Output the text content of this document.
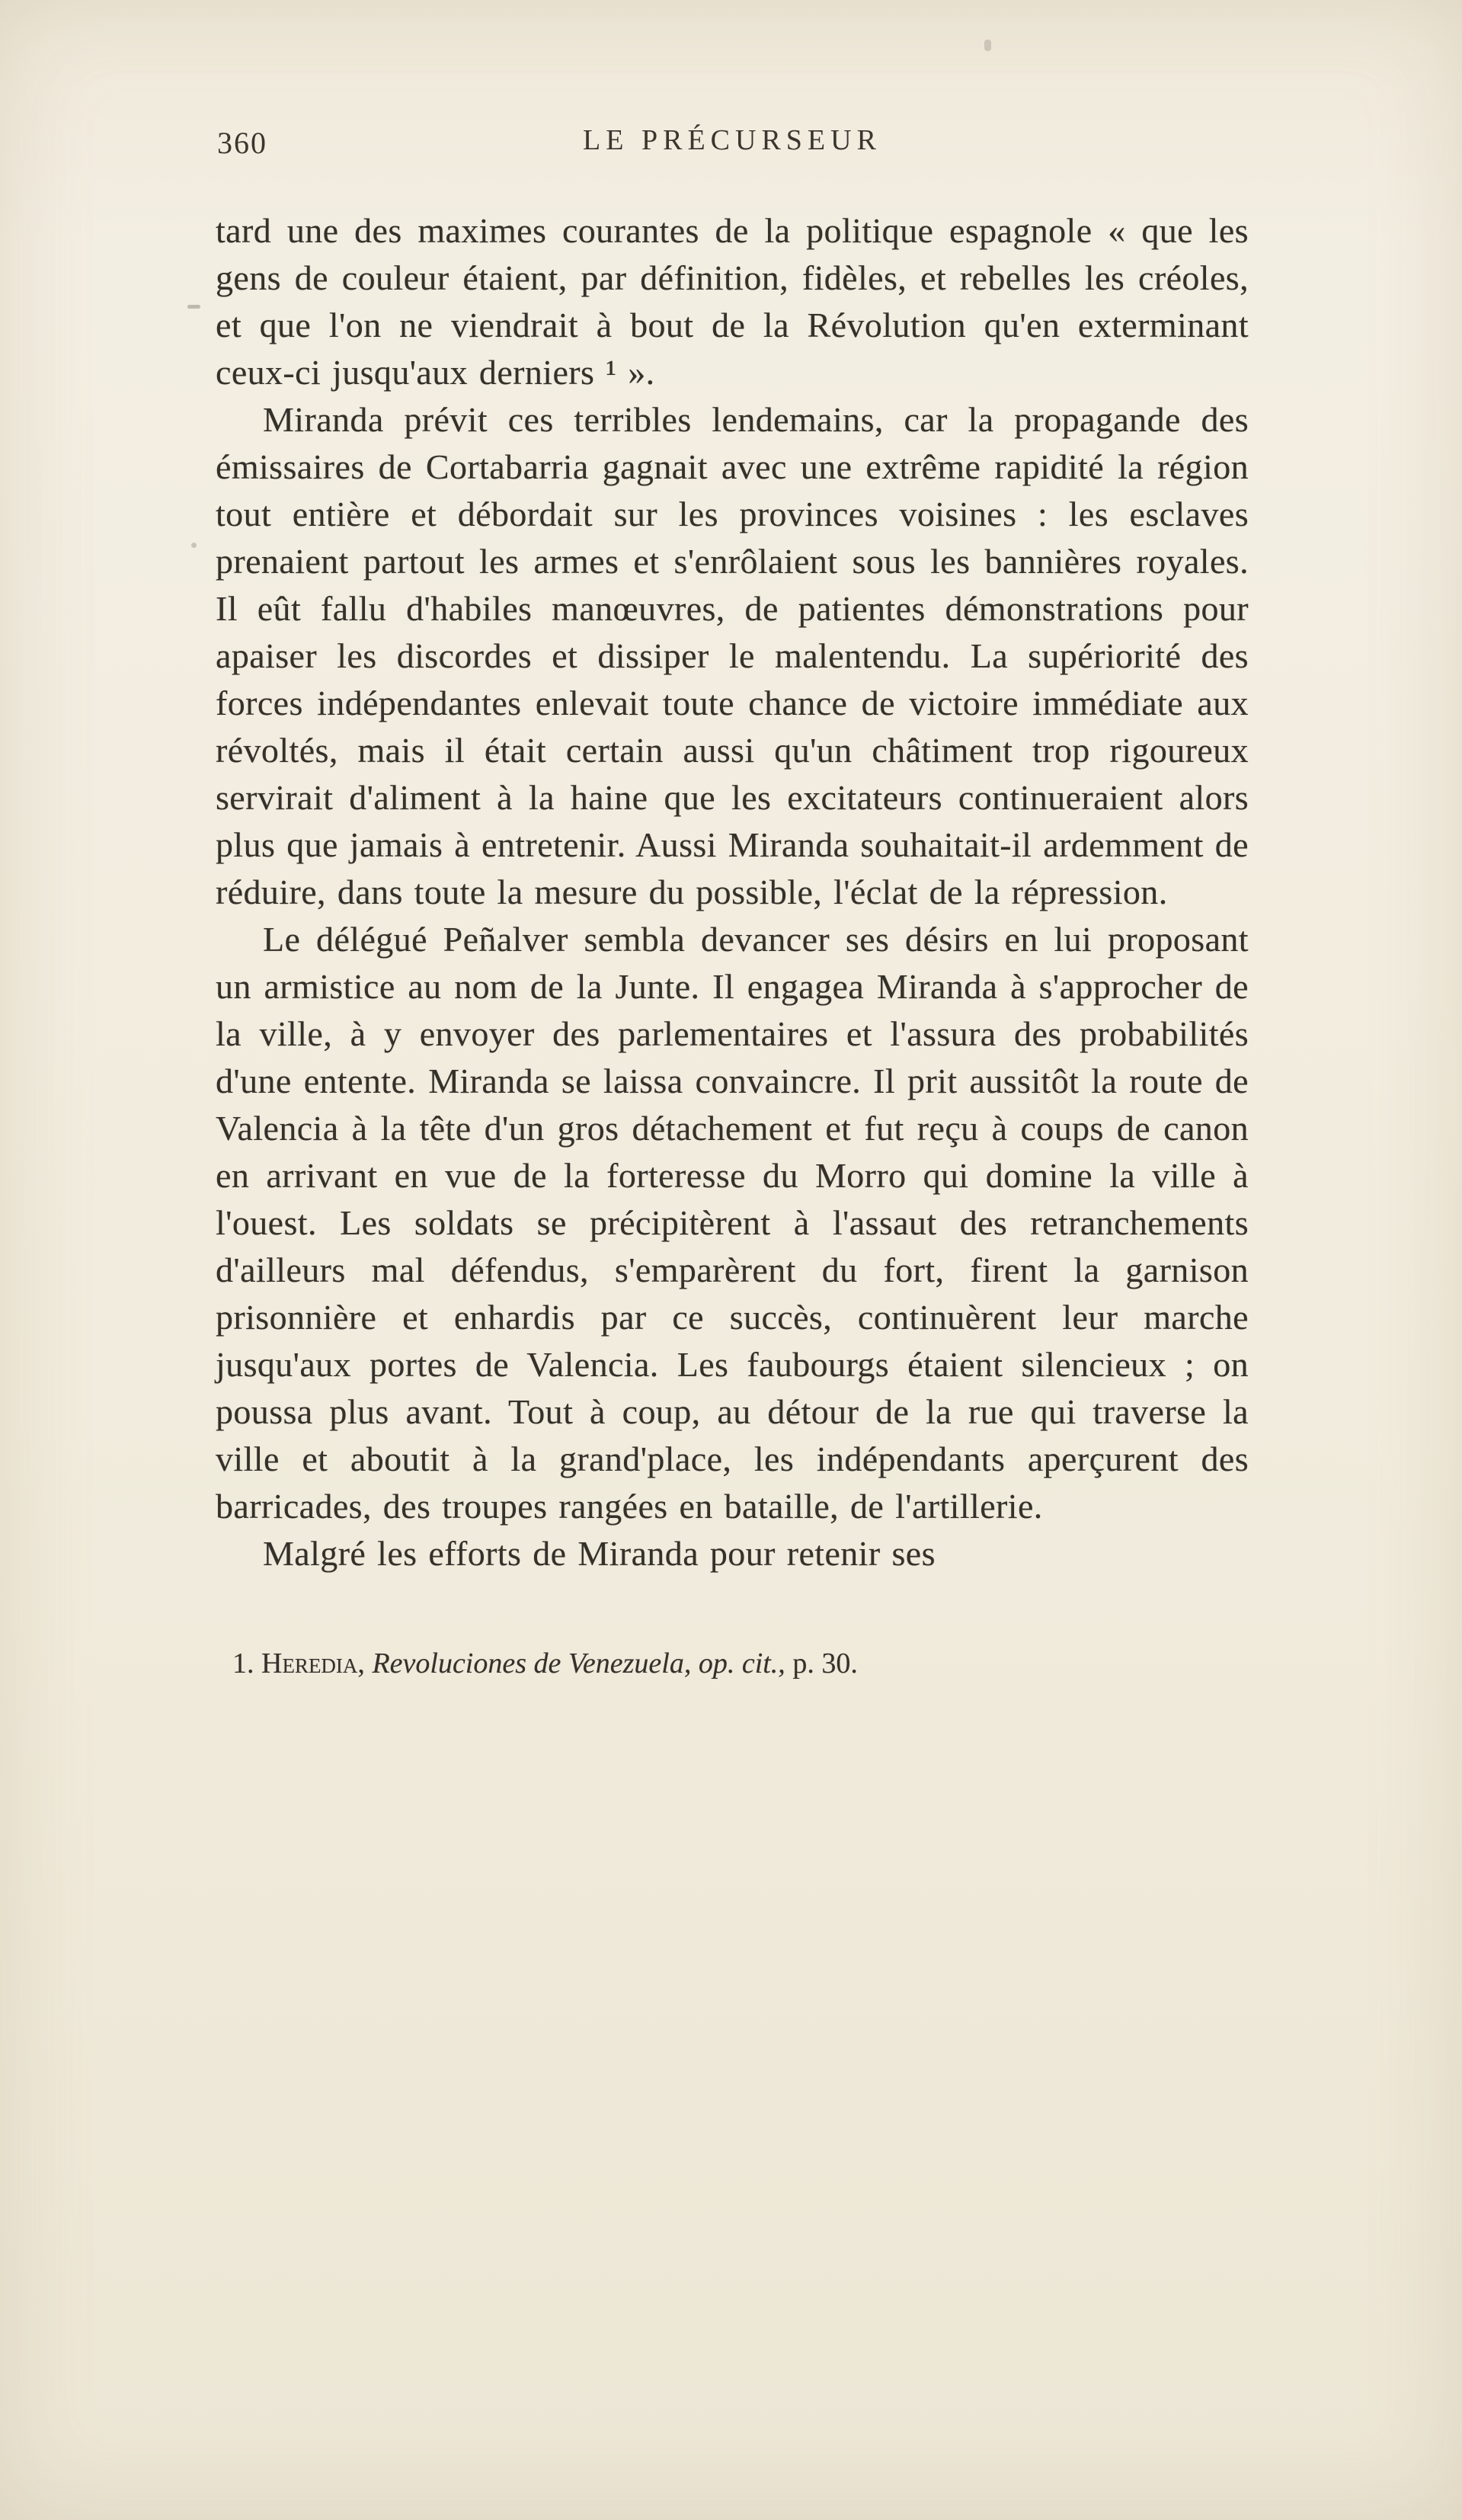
360	LE PRÉCURSEUR

tard une des maximes courantes de la politique espagnole « que les gens de couleur étaient, par définition, fidèles, et rebelles les créoles, et que l'on ne viendrait à bout de la Révolution qu'en exterminant ceux-ci jusqu'aux derniers ¹ ».

Miranda prévit ces terribles lendemains, car la propagande des émissaires de Cortabarria gagnait avec une extrême rapidité la région tout entière et débordait sur les provinces voisines : les esclaves prenaient partout les armes et s'enrôlaient sous les bannières royales. Il eût fallu d'habiles manœuvres, de patientes démonstrations pour apaiser les discordes et dissiper le malentendu. La supériorité des forces indépendantes enlevait toute chance de victoire immédiate aux révoltés, mais il était certain aussi qu'un châtiment trop rigoureux servirait d'aliment à la haine que les excitateurs continueraient alors plus que jamais à entretenir. Aussi Miranda souhaitait-il ardemment de réduire, dans toute la mesure du possible, l'éclat de la répression.

Le délégué Peñalver sembla devancer ses désirs en lui proposant un armistice au nom de la Junte. Il engagea Miranda à s'approcher de la ville, à y envoyer des parlementaires et l'assura des probabilités d'une entente. Miranda se laissa convaincre. Il prit aussitôt la route de Valencia à la tête d'un gros détachement et fut reçu à coups de canon en arrivant en vue de la forteresse du Morro qui domine la ville à l'ouest. Les soldats se précipitèrent à l'assaut des retranchements d'ailleurs mal défendus, s'emparèrent du fort, firent la garnison prisonnière et enhardis par ce succès, continuèrent leur marche jusqu'aux portes de Valencia. Les faubourgs étaient silencieux ; on poussa plus avant. Tout à coup, au détour de la rue qui traverse la ville et aboutit à la grand'place, les indépendants aperçurent des barricades, des troupes rangées en bataille, de l'artillerie.

Malgré les efforts de Miranda pour retenir ses

1. Heredia, Revoluciones de Venezuela, op. cit., p. 30.
